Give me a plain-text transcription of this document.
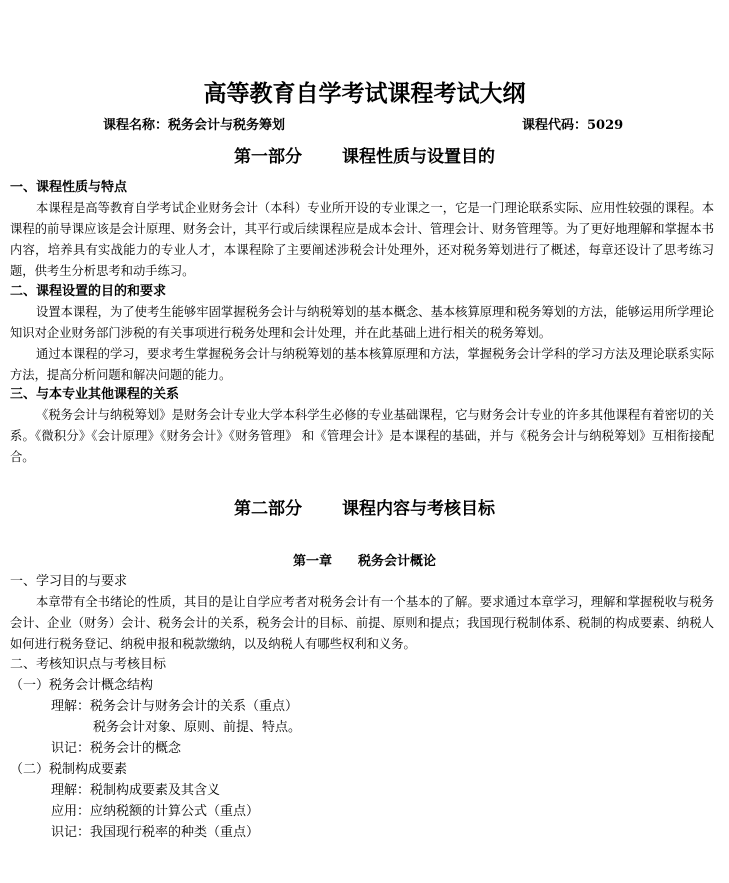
高等教育自学考试课程考试大纲
课程名称：税务会计与税务筹划	课程代码：5029
第一部分 课程性质与设置目的
一、课程性质与特点

本课程是高等教育自学考试企业财务会计（本科）专业所开设的专业课之一，它是一门理论联系实际、应用性较强的课程。本课程的前导课应该是会计原理、财务会计，其平行或后续课程应是成本会计、管理会计、财务管理等。为了更好地理解和掌握本书内容，培养具有实战能力的专业人才，本课程除了主要阐述涉税会计处理外，还对税务筹划进行了概述，每章还设计了思考练习题，供考生分析思考和动手练习。

二、课程设置的目的和要求

设置本课程，为了使考生能够牢固掌握税务会计与纳税筹划的基本概念、基本核算原理和税务筹划的方法，能够运用所学理论知识对企业财务部门涉税的有关事项进行税务处理和会计处理，并在此基础上进行相关的税务筹划。

通过本课程的学习，要求考生掌握税务会计与纳税筹划的基本核算原理和方法，掌握税务会计学科的学习方法及理论联系实际方法，提高分析问题和解决问题的能力。

三、与本专业其他课程的关系

《税务会计与纳税筹划》是财务会计专业大学本科学生必修的专业基础课程，它与财务会计专业的许多其他课程有着密切的关系。《微积分》《会计原理》《财务会计》《财务管理》 和《管理会计》是本课程的基础，并与《税务会计与纳税筹划》互相衔接配合。

第二部分 课程内容与考核目标
第一章 税务会计概论
一、学习目的与要求

本章带有全书绪论的性质，其目的是让自学应考者对税务会计有一个基本的了解。要求通过本章学习，理解和掌握税收与税务会计、企业（财务）会计、税务会计的关系，税务会计的目标、前提、原则和提点；我国现行税制体系、税制的构成要素、纳税人如何进行税务登记、纳税申报和税款缴纳，以及纳税人有哪些权利和义务。

二、考核知识点与考核目标
（一）税务会计概念结构
理解：税务会计与财务会计的关系（重点）
税务会计对象、原则、前提、特点。
识记：税务会计的概念
（二）税制构成要素
理解：税制构成要素及其含义
应用：应纳税额的计算公式（重点）
识记：我国现行税率的种类（重点）
